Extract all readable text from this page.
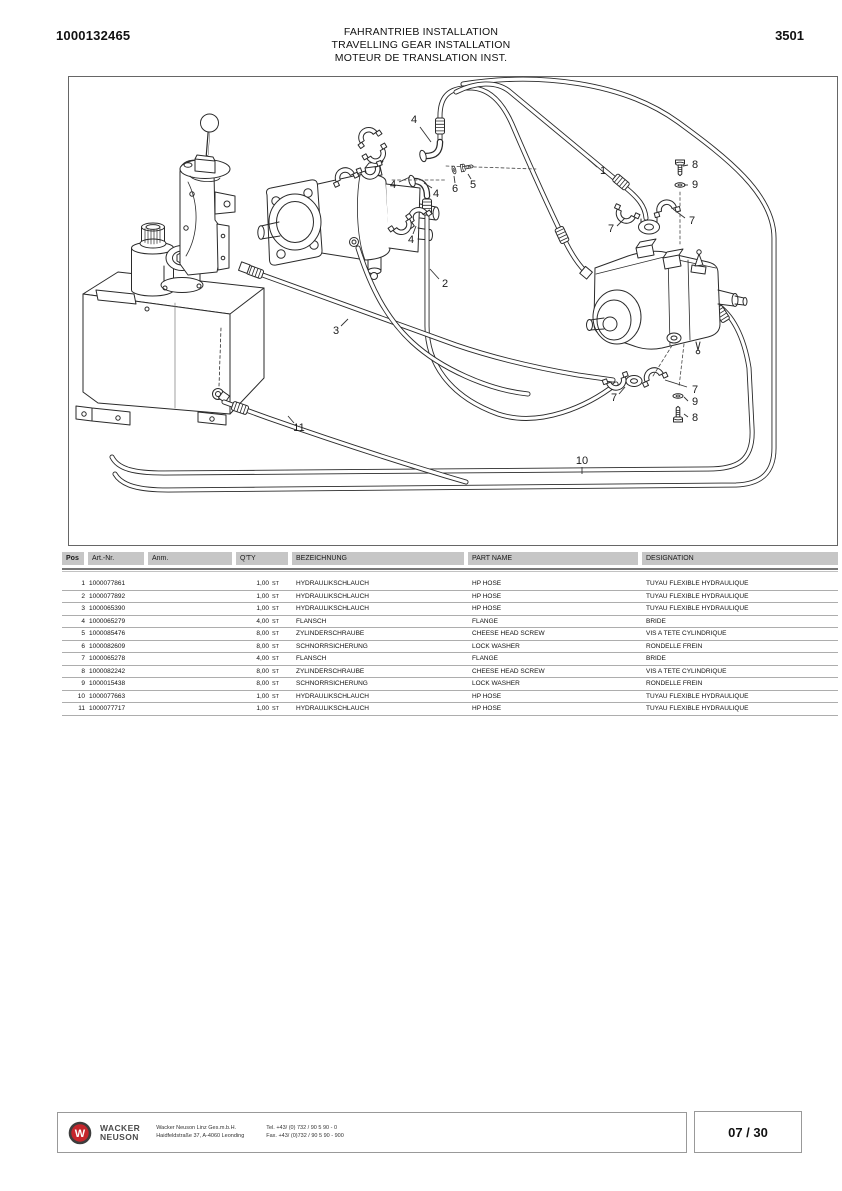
1000132465	FAHRANTRIEB INSTALLATION
TRAVELLING GEAR INSTALLATION
MOTEUR DE TRANSLATION INST.
3501
4
4
4 6 5
4
1	8
9
7
7
2
3
7
7
9
8
11
10
Pos	Art.-Nr.	Anm.	Q'TY	BEZEICHNUNG	PART NAME	DESIGNATION
1 1000077861	1,00 ST	HYDRAULIKSCHLAUCH	HP HOSE	TUYAU FLEXIBLE HYDRAULIQUE
2 1000077892	1,00 ST	HYDRAULIKSCHLAUCH	HP HOSE	TUYAU FLEXIBLE HYDRAULIQUE
3 1000065390	1,00 ST	HYDRAULIKSCHLAUCH	HP HOSE	TUYAU FLEXIBLE HYDRAULIQUE
4 1000065279	4,00 ST	FLANSCH	FLANGE	BRIDE
5 1000085476	8,00 ST	ZYLINDERSCHRAUBE	CHEESE HEAD SCREW	VIS A TETE CYLINDRIQUE
6 1000082609	8,00 ST	SCHNORRSICHERUNG	LOCK WASHER	RONDELLE FREIN
7 1000065278	4,00 ST	FLANSCH	FLANGE	BRIDE
8 1000082242	8,00 ST	ZYLINDERSCHRAUBE	CHEESE HEAD SCREW	VIS A TETE CYLINDRIQUE
9 1000015438	8,00 ST	SCHNORRSICHERUNG	LOCK WASHER	RONDELLE FREIN
10 1000077663	1,00 ST	HYDRAULIKSCHLAUCH	HP HOSE	TUYAU FLEXIBLE HYDRAULIQUE
11 1000077717	1,00 ST	HYDRAULIKSCHLAUCH	HP HOSE	TUYAU FLEXIBLE HYDRAULIQUE
W WACKER
NEUSON
Wacker Neuson Linz Ges.m.b.H.
Haidfeldstraße 37, A-4060 Leonding
Tel. +43/ (0) 732 / 90 5 90 - 0
Fax. +43/ (0)732 / 90 5 90 - 900	07 / 30
